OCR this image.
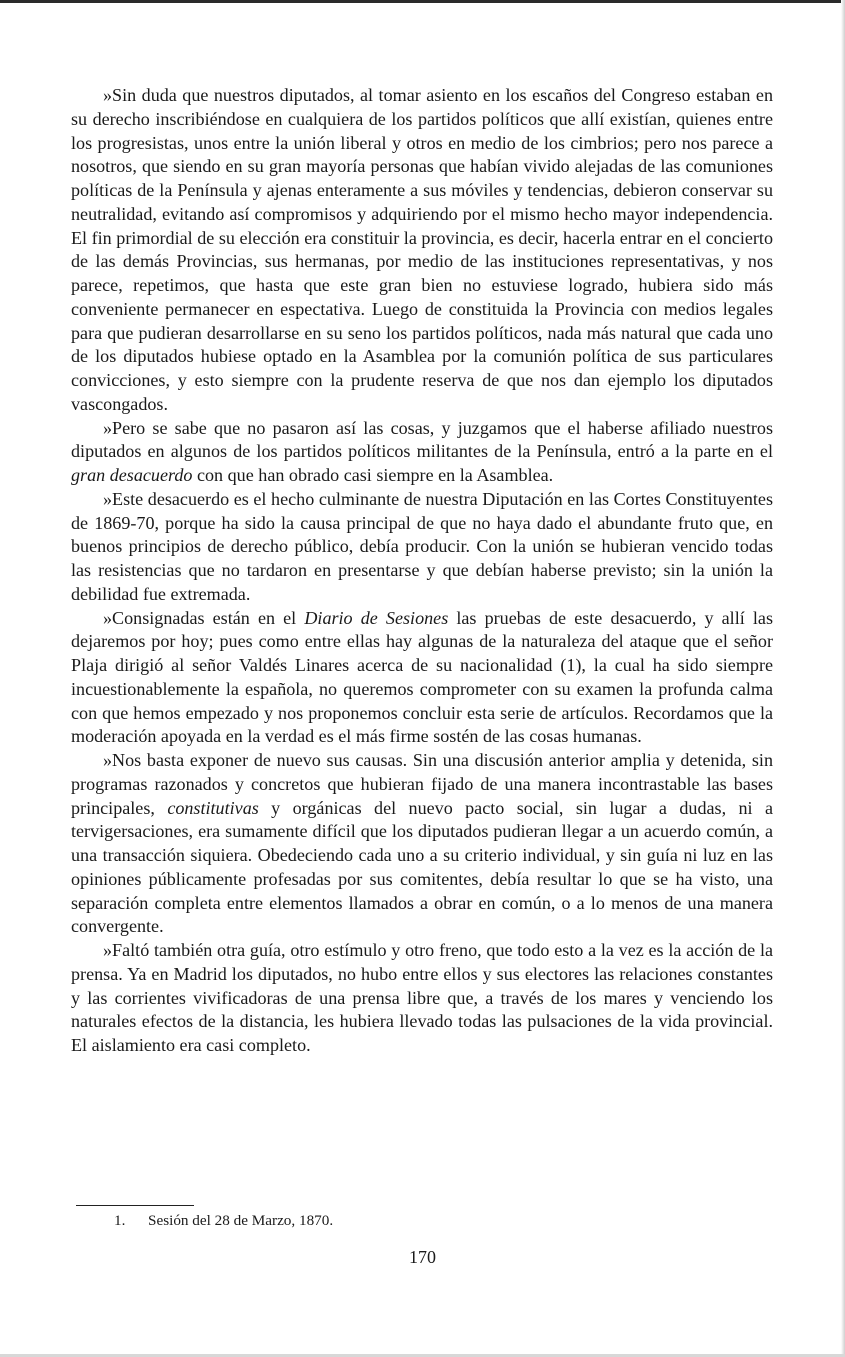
»Sin duda que nuestros diputados, al tomar asiento en los escaños del Congreso estaban en su derecho inscribiéndose en cualquiera de los partidos políticos que allí existían, quienes entre los progresistas, unos entre la unión liberal y otros en medio de los cimbrios; pero nos parece a nosotros, que siendo en su gran mayoría personas que habían vivido alejadas de las comuniones políticas de la Península y ajenas enteramente a sus móviles y tendencias, debieron conservar su neutralidad, evitando así compromisos y adquiriendo por el mismo hecho mayor independencia. El fin primordial de su elección era constituir la provincia, es decir, hacerla entrar en el concierto de las demás Provincias, sus hermanas, por medio de las instituciones representativas, y nos parece, repetimos, que hasta que este gran bien no estuviese logrado, hubiera sido más conveniente permanecer en espectativa. Luego de constituida la Provincia con medios legales para que pudieran desarrollarse en su seno los partidos políticos, nada más natural que cada uno de los diputados hubiese optado en la Asamblea por la comunión política de sus particulares convicciones, y esto siempre con la prudente reserva de que nos dan ejemplo los diputados vascongados.

»Pero se sabe que no pasaron así las cosas, y juzgamos que el haberse afiliado nuestros diputados en algunos de los partidos políticos militantes de la Península, entró a la parte en el gran desacuerdo con que han obrado casi siempre en la Asamblea.

»Este desacuerdo es el hecho culminante de nuestra Diputación en las Cortes Constituyentes de 1869-70, porque ha sido la causa principal de que no haya dado el abundante fruto que, en buenos principios de derecho público, debía producir. Con la unión se hubieran vencido todas las resistencias que no tardaron en presentarse y que debían haberse previsto; sin la unión la debilidad fue extremada.

»Consignadas están en el Diario de Sesiones las pruebas de este desacuerdo, y allí las dejaremos por hoy; pues como entre ellas hay algunas de la naturaleza del ataque que el señor Plaja dirigió al señor Valdés Linares acerca de su nacionalidad (1), la cual ha sido siempre incuestionablemente la española, no queremos comprometer con su examen la profunda calma con que hemos empezado y nos proponemos concluir esta serie de artículos. Recordamos que la moderación apoyada en la verdad es el más firme sostén de las cosas humanas.

»Nos basta exponer de nuevo sus causas. Sin una discusión anterior amplia y detenida, sin programas razonados y concretos que hubieran fijado de una manera incontrastable las bases principales, constitutivas y orgánicas del nuevo pacto social, sin lugar a dudas, ni a tervigersaciones, era sumamente difícil que los diputados pudieran llegar a un acuerdo común, a una transacción siquiera. Obedeciendo cada uno a su criterio individual, y sin guía ni luz en las opiniones públicamente profesadas por sus comitentes, debía resultar lo que se ha visto, una separación completa entre elementos llamados a obrar en común, o a lo menos de una manera convergente.

»Faltó también otra guía, otro estímulo y otro freno, que todo esto a la vez es la acción de la prensa. Ya en Madrid los diputados, no hubo entre ellos y sus electores las relaciones constantes y las corrientes vivificadoras de una prensa libre que, a través de los mares y venciendo los naturales efectos de la distancia, les hubiera llevado todas las pulsaciones de la vida provincial. El aislamiento era casi completo.

1. Sesión del 28 de Marzo, 1870.
170
